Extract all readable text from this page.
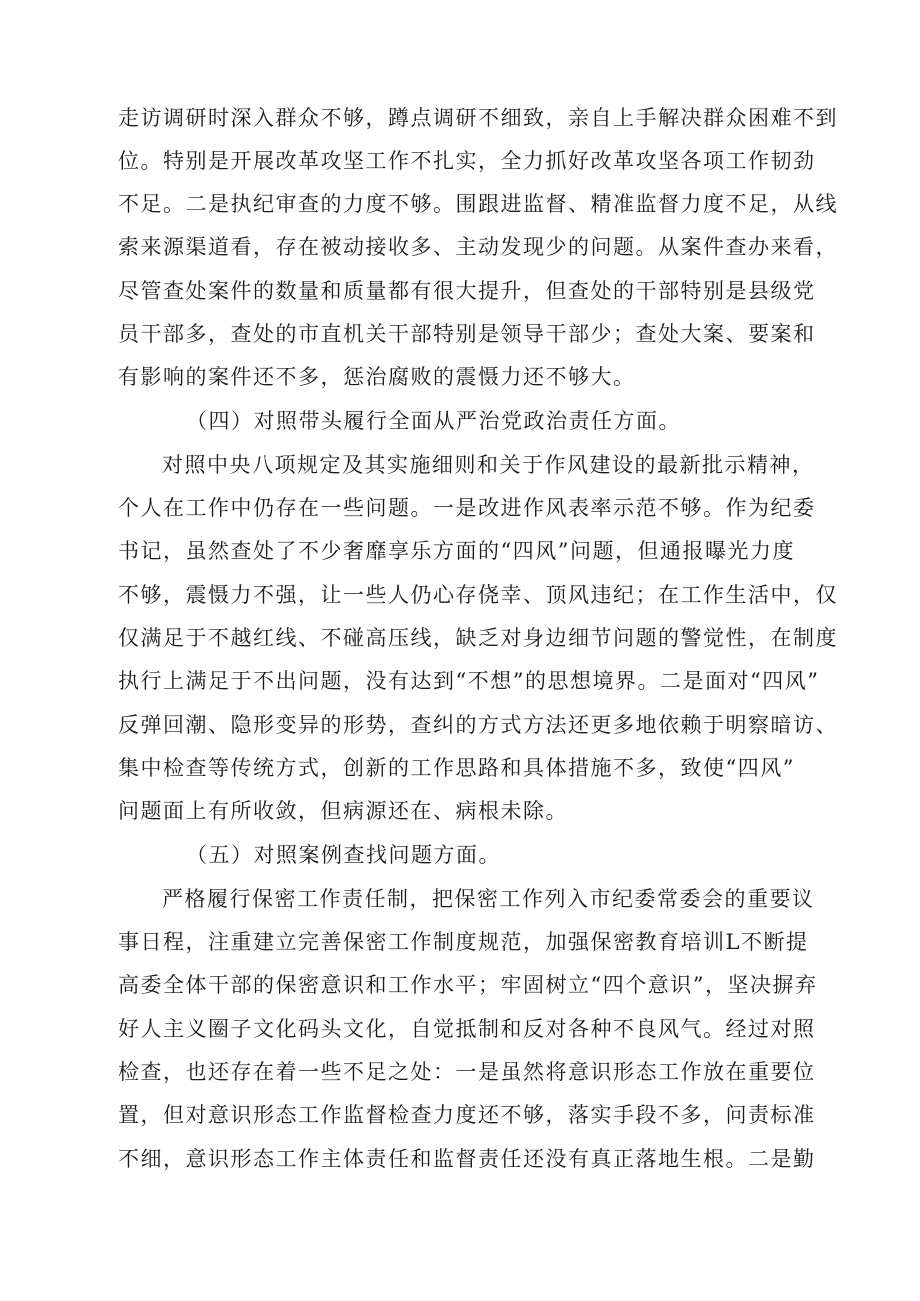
走访调研时深入群众不够，蹲点调研不细致，亲自上手解决群众困难不到
位。特别是开展改革攻坚工作不扎实，全力抓好改革攻坚各项工作韧劲
不足。二是执纪审查的力度不够。围跟进监督、精准监督力度不足，从线
索来源渠道看，存在被动接收多、主动发现少的问题。从案件查办来看，
尽管查处案件的数量和质量都有很大提升，但查处的干部特别是县级党
员干部多，查处的市直机关干部特别是领导干部少；查处大案、要案和
有影响的案件还不多，惩治腐败的震慑力还不够大。
（四）对照带头履行全面从严治党政治责任方面。
对照中央八项规定及其实施细则和关于作风建设的最新批示精神，
个人在工作中仍存在一些问题。一是改进作风表率示范不够。作为纪委
书记，虽然查处了不少奢靡享乐方面的“四风”问题，但通报曝光力度
不够，震慑力不强，让一些人仍心存侥幸、顶风违纪；在工作生活中，仅
仅满足于不越红线、不碰高压线，缺乏对身边细节问题的警觉性，在制度
执行上满足于不出问题，没有达到“不想”的思想境界。二是面对“四风”
反弹回潮、隐形变异的形势，查纠的方式方法还更多地依赖于明察暗访、
集中检查等传统方式，创新的工作思路和具体措施不多，致使“四风”
问题面上有所收敛，但病源还在、病根未除。
（五）对照案例查找问题方面。
严格履行保密工作责任制，把保密工作列入市纪委常委会的重要议
事日程，注重建立完善保密工作制度规范，加强保密教育培训L不断提
高委全体干部的保密意识和工作水平；牢固树立“四个意识”，坚决摒弃
好人主义圈子文化码头文化，自觉抵制和反对各种不良风气。经过对照
检查，也还存在着一些不足之处：一是虽然将意识形态工作放在重要位
置，但对意识形态工作监督检查力度还不够，落实手段不多，问责标准
不细，意识形态工作主体责任和监督责任还没有真正落地生根。二是勤
